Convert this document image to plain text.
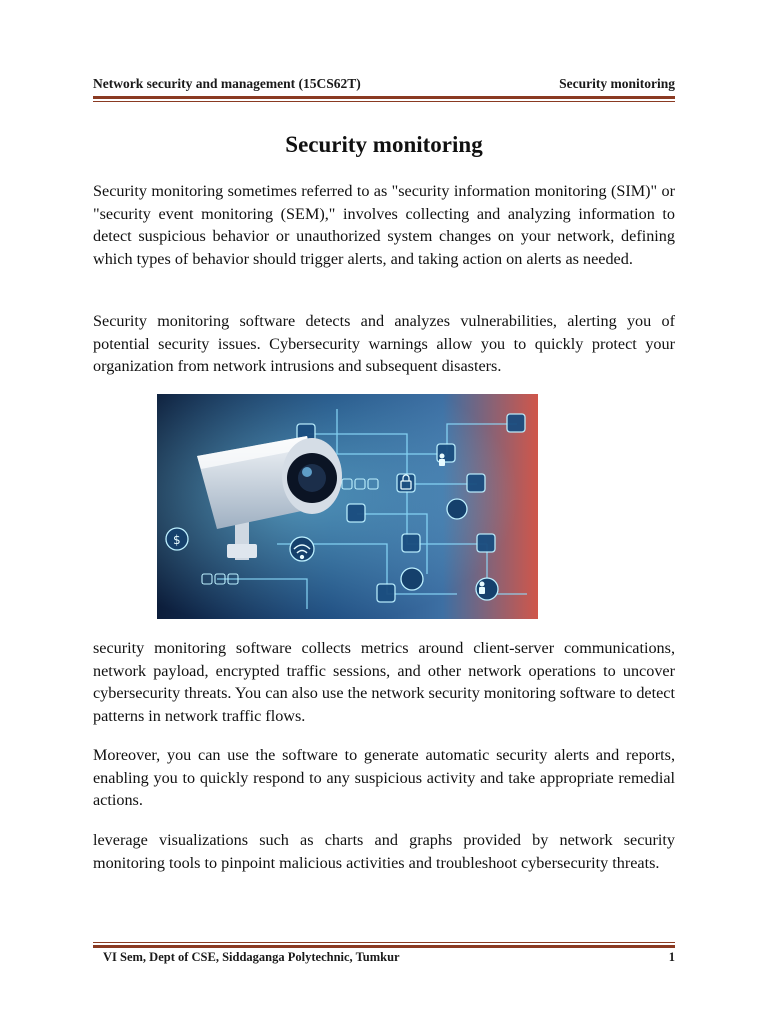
Network security and management (15CS62T)	Security monitoring
Security monitoring

Security monitoring sometimes referred to as "security information monitoring (SIM)" or "security event monitoring (SEM)," involves collecting and analyzing information to detect suspicious behavior or unauthorized system changes on your network, defining which types of behavior should trigger alerts, and taking action on alerts as needed.

Security monitoring software detects and analyzes vulnerabilities, alerting you of potential security issues. Cybersecurity warnings allow you to quickly protect your organization from network intrusions and subsequent disasters.

$

security monitoring software collects metrics around client-server communications, network payload, encrypted traffic sessions, and other network operations to uncover cybersecurity threats. You can also use the network security monitoring software to detect patterns in network traffic flows.

Moreover, you can use the software to generate automatic security alerts and reports, enabling you to quickly respond to any suspicious activity and take appropriate remedial actions.

leverage visualizations such as charts and graphs provided by network security monitoring tools to pinpoint malicious activities and troubleshoot cybersecurity threats.

VI Sem, Dept of CSE, Siddaganga Polytechnic, Tumkur	1
